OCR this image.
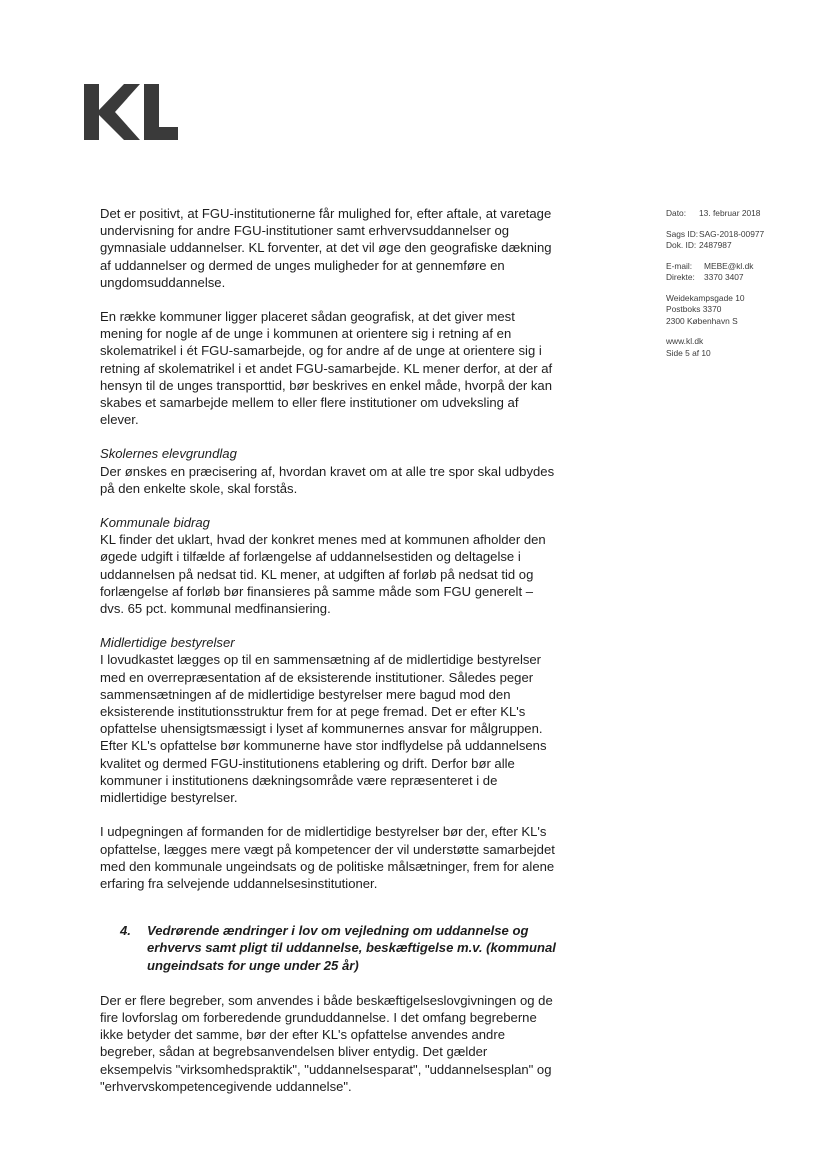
Det er positivt, at FGU-institutionerne får mulighed for, efter aftale, at varetage undervisning for andre FGU-institutioner samt erhvervsuddannelser og gymnasiale uddannelser. KL forventer, at det vil øge den geografiske dækning af uddannelser og dermed de unges muligheder for at gennemføre en ungdomsuddannelse.

En række kommuner ligger placeret sådan geografisk, at det giver mest mening for nogle af de unge i kommunen at orientere sig i retning af en skolematrikel i ét FGU-samarbejde, og for andre af de unge at orientere sig i retning af skolematrikel i et andet FGU-samarbejde. KL mener derfor, at der af hensyn til de unges transporttid, bør beskrives en enkel måde, hvorpå der kan skabes et samarbejde mellem to eller flere institutioner om udveksling af elever.

Skolernes elevgrundlag

Der ønskes en præcisering af, hvordan kravet om at alle tre spor skal udbydes på den enkelte skole, skal forstås.

Kommunale bidrag

KL finder det uklart, hvad der konkret menes med at kommunen afholder den øgede udgift i tilfælde af forlængelse af uddannelsestiden og deltagelse i uddannelsen på nedsat tid. KL mener, at udgiften af forløb på nedsat tid og forlængelse af forløb bør finansieres på samme måde som FGU generelt – dvs. 65 pct. kommunal medfinansiering.

Midlertidige bestyrelser

I lovudkastet lægges op til en sammensætning af de midlertidige bestyrelser med en overrepræsentation af de eksisterende institutioner. Således peger sammensætningen af de midlertidige bestyrelser mere bagud mod den eksisterende institutionsstruktur frem for at pege fremad. Det er efter KL's opfattelse uhensigtsmæssigt i lyset af kommunernes ansvar for målgruppen. Efter KL's opfattelse bør kommunerne have stor indflydelse på uddannelsens kvalitet og dermed FGU-institutionens etablering og drift. Derfor bør alle kommuner i institutionens dækningsområde være repræsenteret i de midlertidige bestyrelser.

I udpegningen af formanden for de midlertidige bestyrelser bør der, efter KL's opfattelse, lægges mere vægt på kompetencer der vil understøtte samarbejdet med den kommunale ungeindsats og de politiske målsætninger, frem for alene erfaring fra selvejende uddannelsesinstitutioner.

4.	Vedrørende ændringer i lov om vejledning om uddannelse og erhvervs samt pligt til uddannelse, beskæftigelse m.v. (kommunal ungeindsats for unge under 25 år)

Der er flere begreber, som anvendes i både beskæftigelseslovgivningen og de fire lovforslag om forberedende grunduddannelse. I det omfang begreberne ikke betyder det samme, bør der efter KL's opfattelse anvendes andre begreber, sådan at begrebsanvendelsen bliver entydig. Det gælder eksempelvis "virksomhedspraktik", "uddannelsesparat", "uddannelsesplan" og "erhvervskompetencegivende uddannelse".

Dato: 13. februar 2018
Sags ID:SAG-2018-00977
Dok. ID: 2487987
E-mail: MEBE@kl.dk
Direkte: 3370 3407
Weidekampsgade 10
Postboks 3370
2300 København S
www.kl.dk
Side 5 af 10
